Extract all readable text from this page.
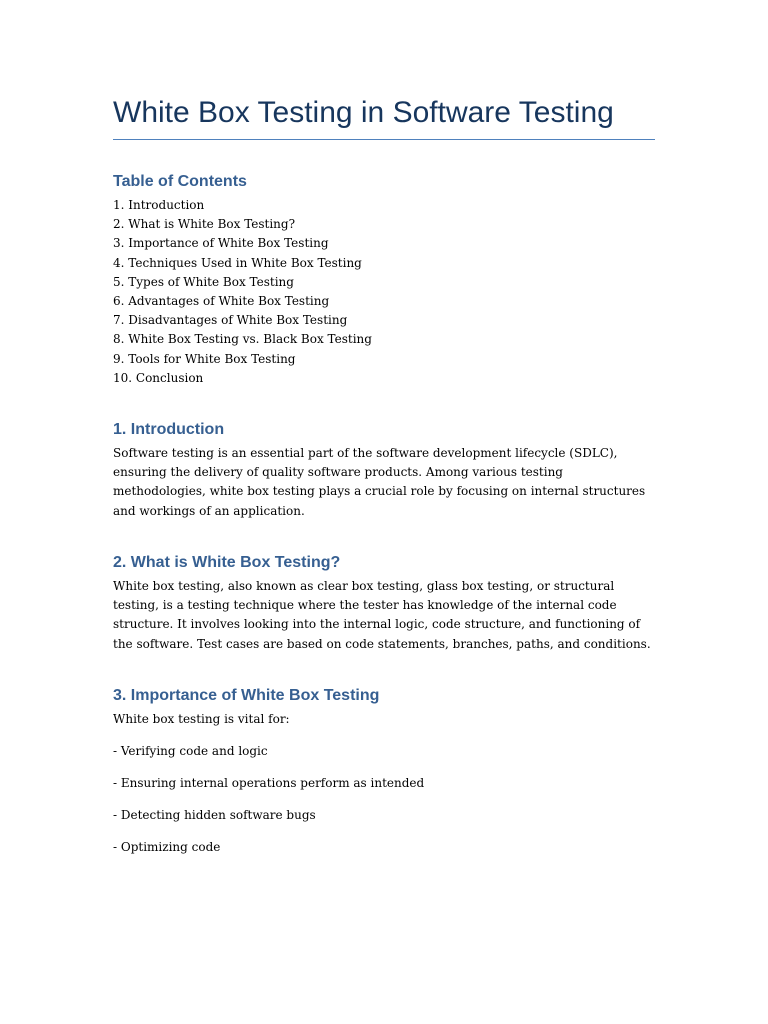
White Box Testing in Software Testing
Table of Contents
1. Introduction
2. What is White Box Testing?
3. Importance of White Box Testing
4. Techniques Used in White Box Testing
5. Types of White Box Testing
6. Advantages of White Box Testing
7. Disadvantages of White Box Testing
8. White Box Testing vs. Black Box Testing
9. Tools for White Box Testing
10. Conclusion
1. Introduction

Software testing is an essential part of the software development lifecycle (SDLC), ensuring the delivery of quality software products. Among various testing methodologies, white box testing plays a crucial role by focusing on internal structures and workings of an application.

2. What is White Box Testing?

White box testing, also known as clear box testing, glass box testing, or structural testing, is a testing technique where the tester has knowledge of the internal code structure. It involves looking into the internal logic, code structure, and functioning of the software. Test cases are based on code statements, branches, paths, and conditions.

3. Importance of White Box Testing

White box testing is vital for:

- Verifying code and logic

- Ensuring internal operations perform as intended

- Detecting hidden software bugs

- Optimizing code
